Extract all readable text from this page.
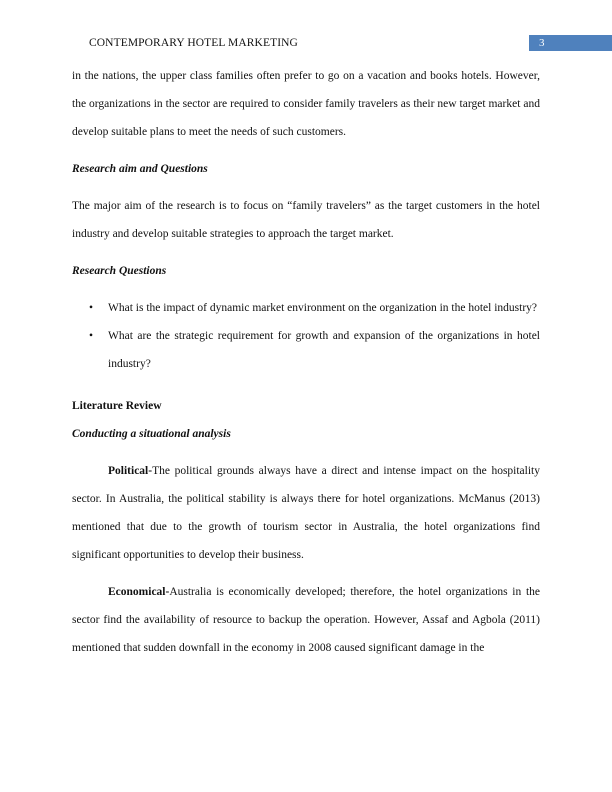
CONTEMPORARY HOTEL MARKETING	3

in the nations, the upper class families often prefer to go on a vacation and books hotels. However, the organizations in the sector are required to consider family travelers as their new target market and develop suitable plans to meet the needs of such customers.

Research aim and Questions

The major aim of the research is to focus on “family travelers” as the target customers in the hotel industry and develop suitable strategies to approach the target market.

Research Questions
• What is the impact of dynamic market environment on the organization in the hotel industry?
• What are the strategic requirement for growth and expansion of the organizations in hotel industry?
Literature Review
Conducting a situational analysis

Political-The political grounds always have a direct and intense impact on the hospitality sector. In Australia, the political stability is always there for hotel organizations. McManus (2013) mentioned that due to the growth of tourism sector in Australia, the hotel organizations find significant opportunities to develop their business.

Economical-Australia is economically developed; therefore, the hotel organizations in the sector find the availability of resource to backup the operation. However, Assaf and Agbola (2011) mentioned that sudden downfall in the economy in 2008 caused significant damage in the
